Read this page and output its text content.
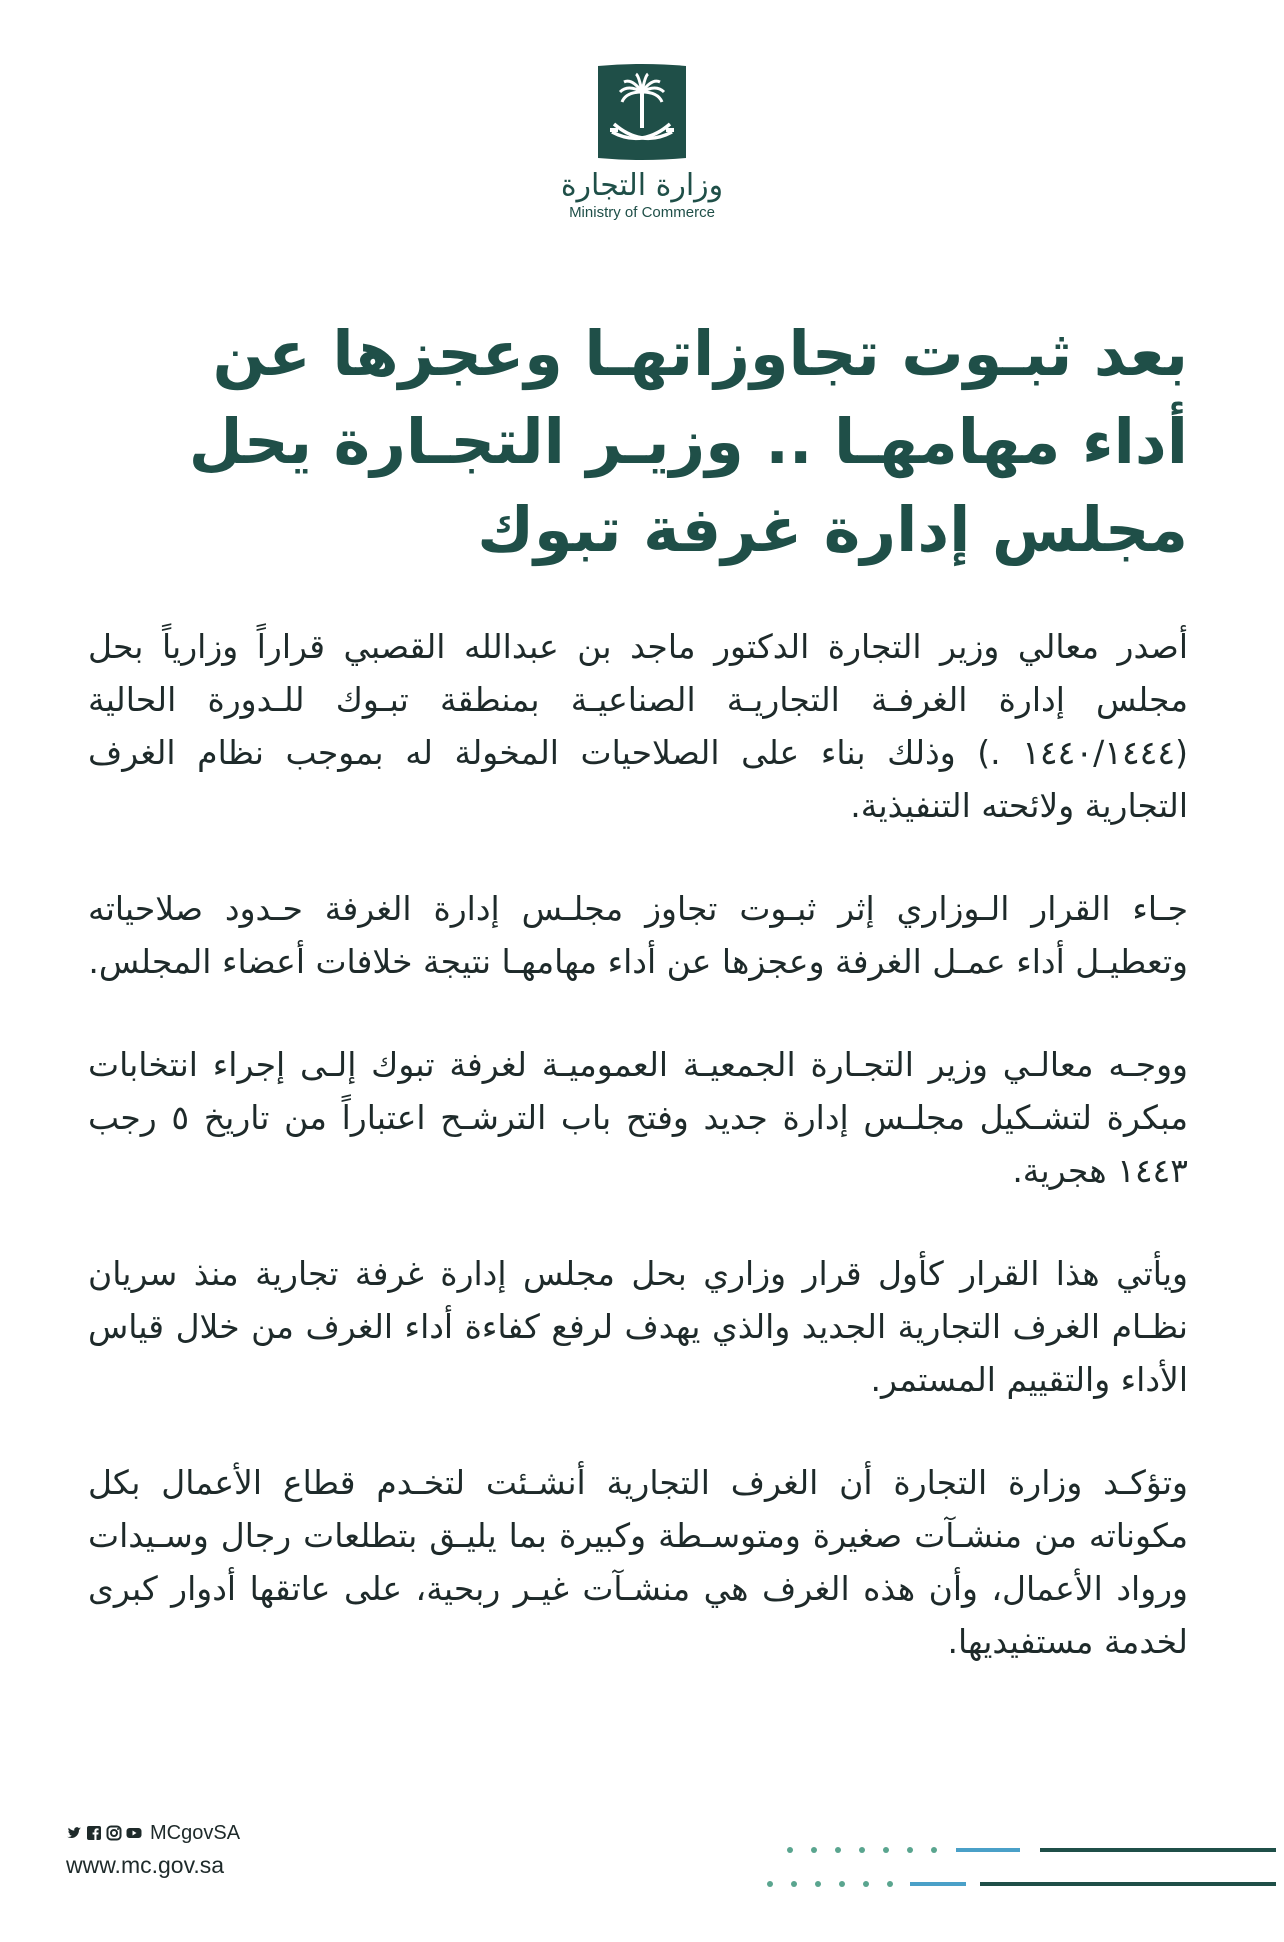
وزارة التجارة
Ministry of Commerce
بعد ثبـوت تجاوزاتهـا وعجزها عن أداء مهامهـا .. وزيـر التجـارة يحل مجلس إدارة غرفة تبوك

أصدر معالي وزير التجارة الدكتور ماجد بن عبدالله القصبي قراراً وزارياً بحل مجلس إدارة الغرفـة التجاريـة الصناعيـة بمنطقة تبـوك للـدورة الحالية (١٤٤٠/١٤٤٤ .) وذلك بناء على الصلاحيات المخولة له بموجب نظام الغرف التجارية ولائحته التنفيذية.

جـاء القرار الـوزاري إثر ثبـوت تجاوز مجلـس إدارة الغرفة حـدود صلاحياته وتعطيـل أداء عمـل الغرفة وعجزها عن أداء مهامهـا نتيجة خلافات أعضاء المجلس.

ووجـه معالـي وزير التجـارة الجمعيـة العموميـة لغرفة تبوك إلـى إجراء انتخابات مبكرة لتشـكيل مجلـس إدارة جديد وفتح باب الترشـح اعتباراً من تاريخ ٥ رجب ١٤٤٣ هجرية.

ويأتي هذا القرار كأول قرار وزاري بحل مجلس إدارة غرفة تجارية منذ سريان نظـام الغرف التجارية الجديد والذي يهدف لرفع كفاءة أداء الغرف من خلال قياس الأداء والتقييم المستمر.

وتؤكـد وزارة التجارة أن الغرف التجارية أنشـئت لتخـدم قطاع الأعمال بكل مكوناته من منشـآت صغيرة ومتوسـطة وكبيرة بما يليـق بتطلعات رجال وسـيدات ورواد الأعمال، وأن هذه الغرف هي منشـآت غيـر ربحية، على عاتقها أدوار كبرى لخدمة مستفيديها.

MCgovSA
www.mc.gov.sa
